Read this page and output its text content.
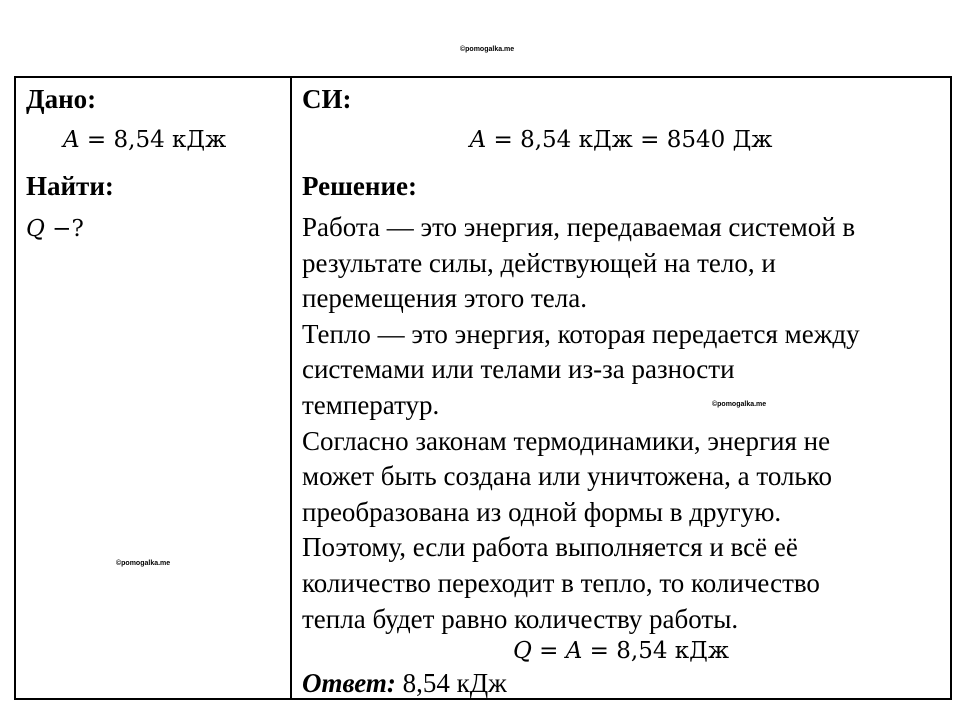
©pomogalka.me
©pomogalka.me
©pomogalka.me
Дано:
A = 8,54 кДж
Найти:
Q −?
СИ:
A = 8,54 кДж = 8540 Дж
Решение:

Работа — это энергия, передаваемая системой в

результате силы, действующей на тело, и

перемещения этого тела.

Тепло — это энергия, которая передается между

системами или телами из-за разности

температур.

Согласно законам термодинамики, энергия не

может быть создана или уничтожена, а только

преобразована из одной формы в другую.

Поэтому, если работа выполняется и всё её

количество переходит в тепло, то количество

тепла будет равно количеству работы.

Q = A = 8,54 кДж
Ответ: 8,54 кДж
